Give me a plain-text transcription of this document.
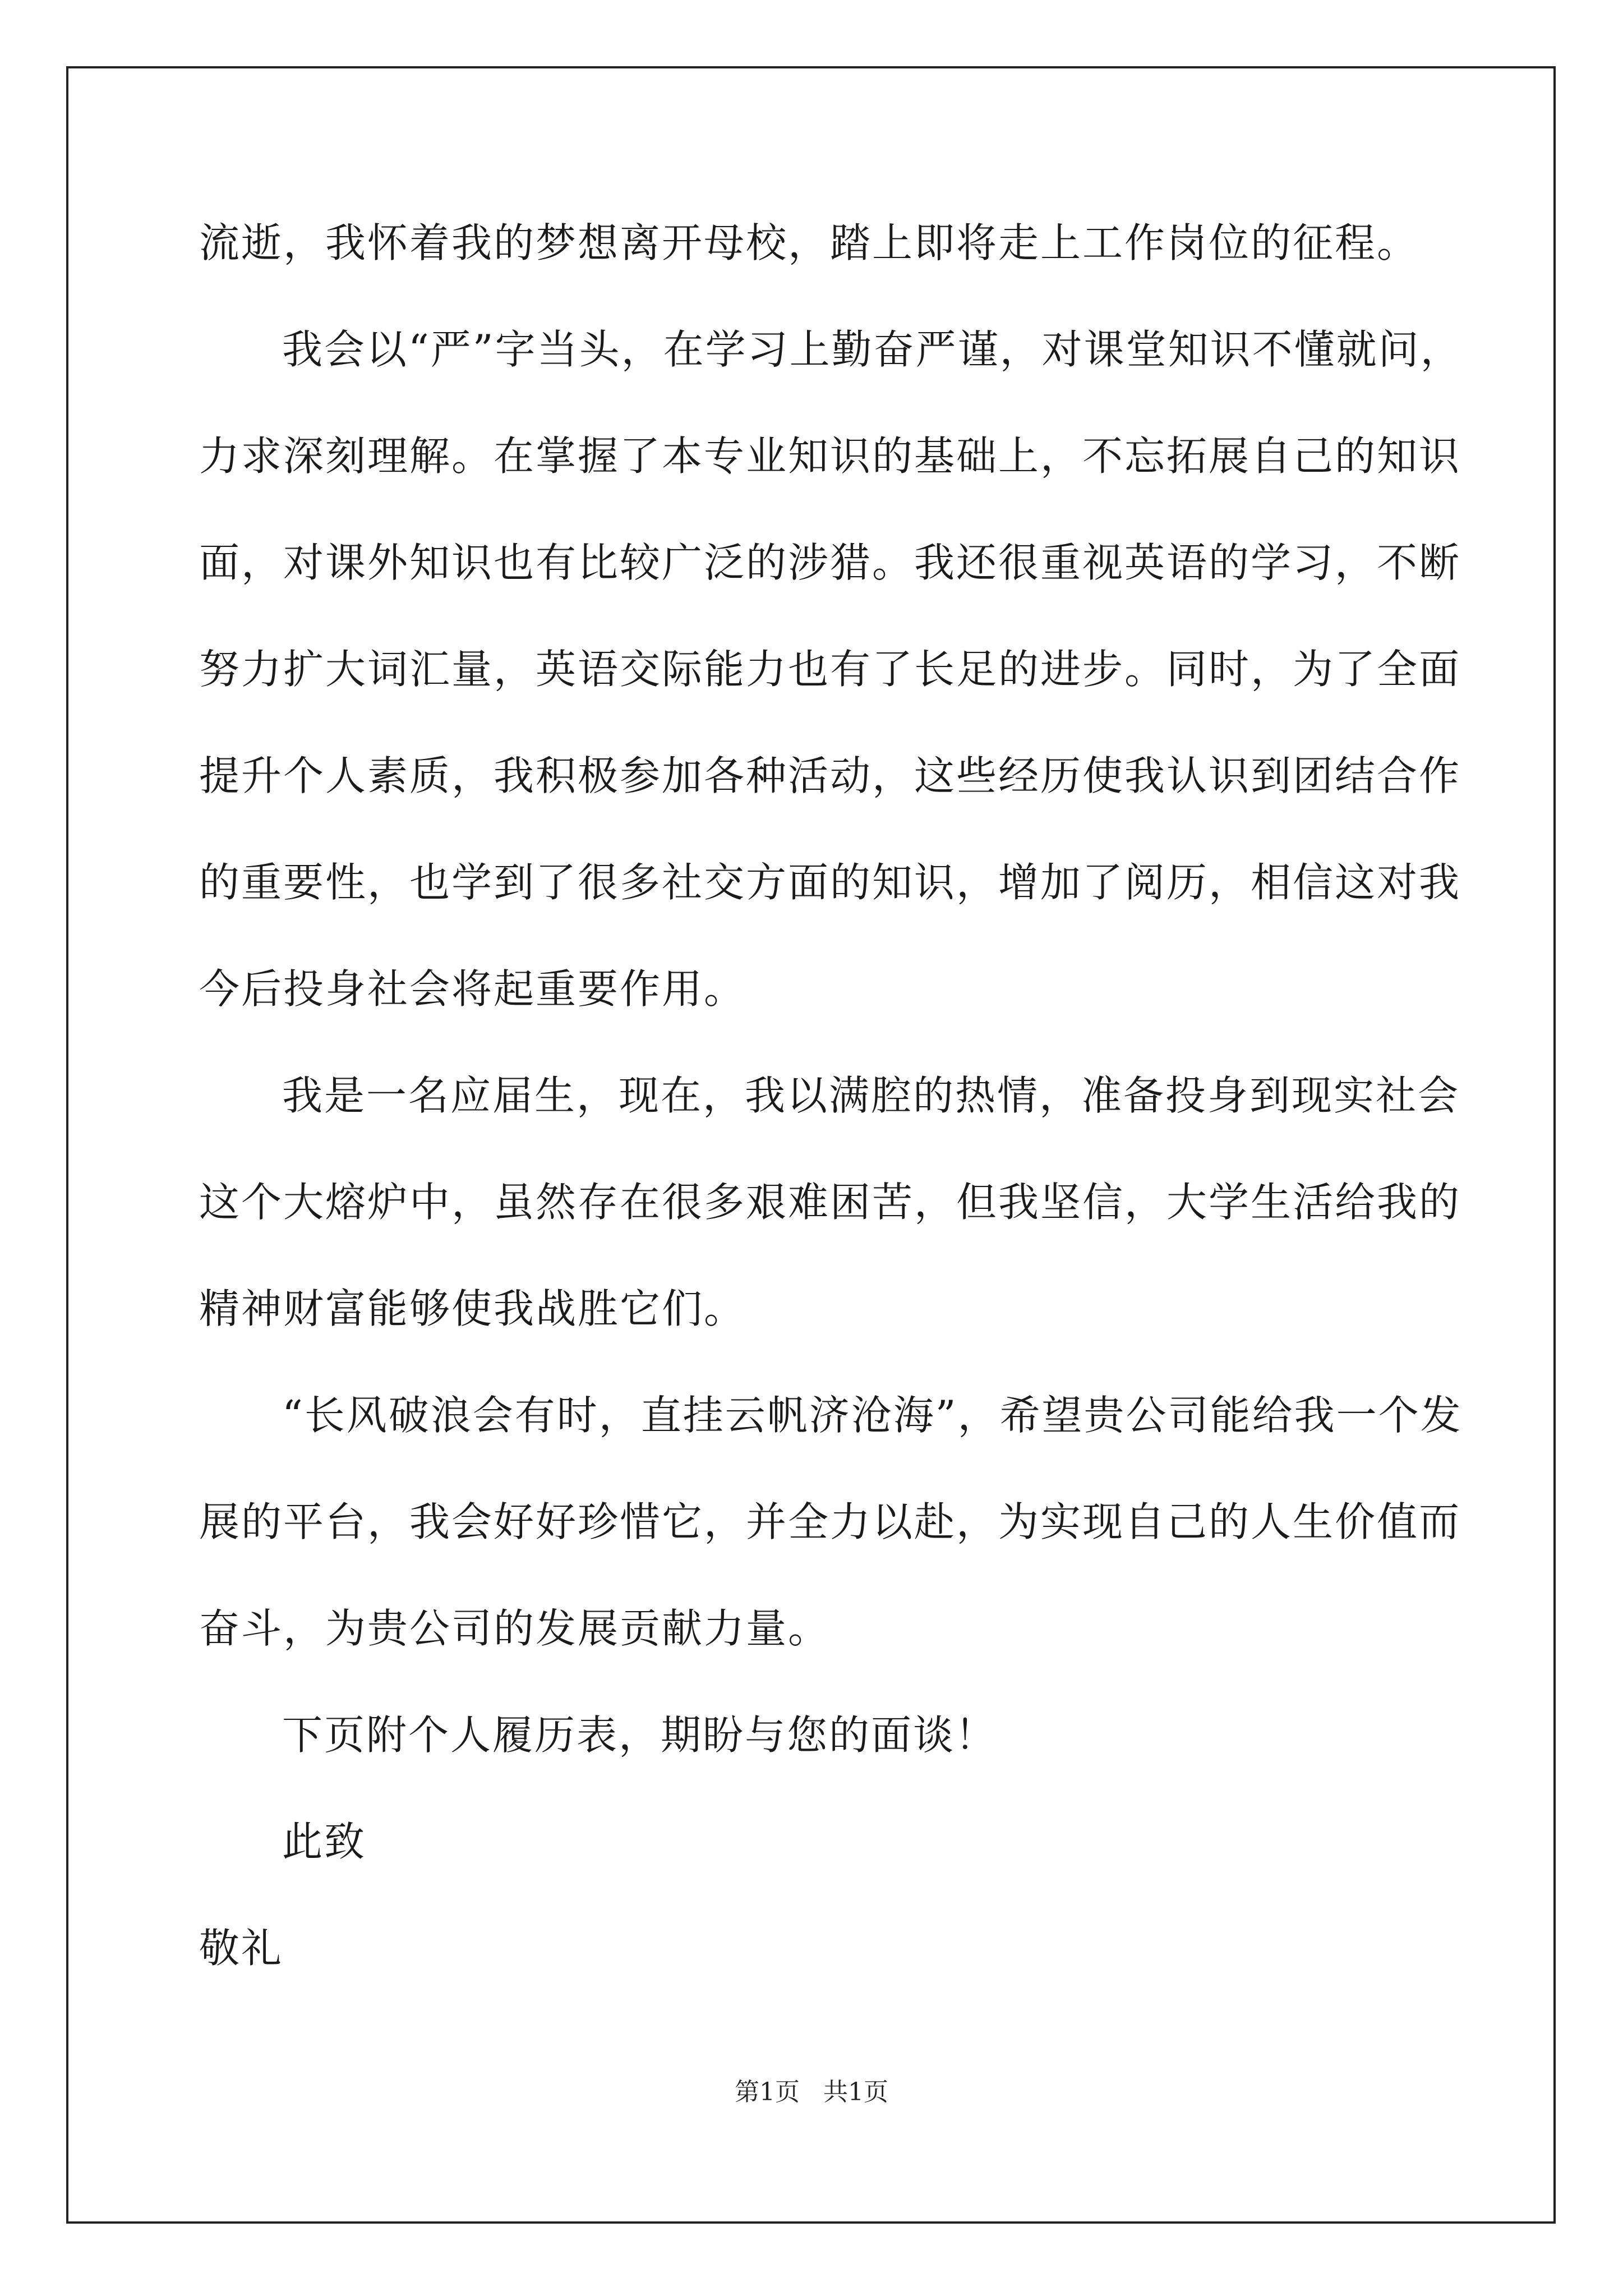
流逝，我怀着我的梦想离开母校，踏上即将走上工作岗位的征程。
我会以“严”字当头，在学习上勤奋严谨，对课堂知识不懂就问，
力求深刻理解。在掌握了本专业知识的基础上，不忘拓展自己的知识
面，对课外知识也有比较广泛的涉猎。我还很重视英语的学习，不断
努力扩大词汇量，英语交际能力也有了长足的进步。同时，为了全面
提升个人素质，我积极参加各种活动，这些经历使我认识到团结合作
的重要性，也学到了很多社交方面的知识，增加了阅历，相信这对我
今后投身社会将起重要作用。
我是一名应届生，现在，我以满腔的热情，准备投身到现实社会
这个大熔炉中，虽然存在很多艰难困苦，但我坚信，大学生活给我的
精神财富能够使我战胜它们。
“长风破浪会有时，直挂云帆济沧海”，希望贵公司能给我一个发
展的平台，我会好好珍惜它，并全力以赴，为实现自己的人生价值而
奋斗，为贵公司的发展贡献力量。
下页附个人履历表，期盼与您的面谈！
此致
敬礼
第1页   共1页
